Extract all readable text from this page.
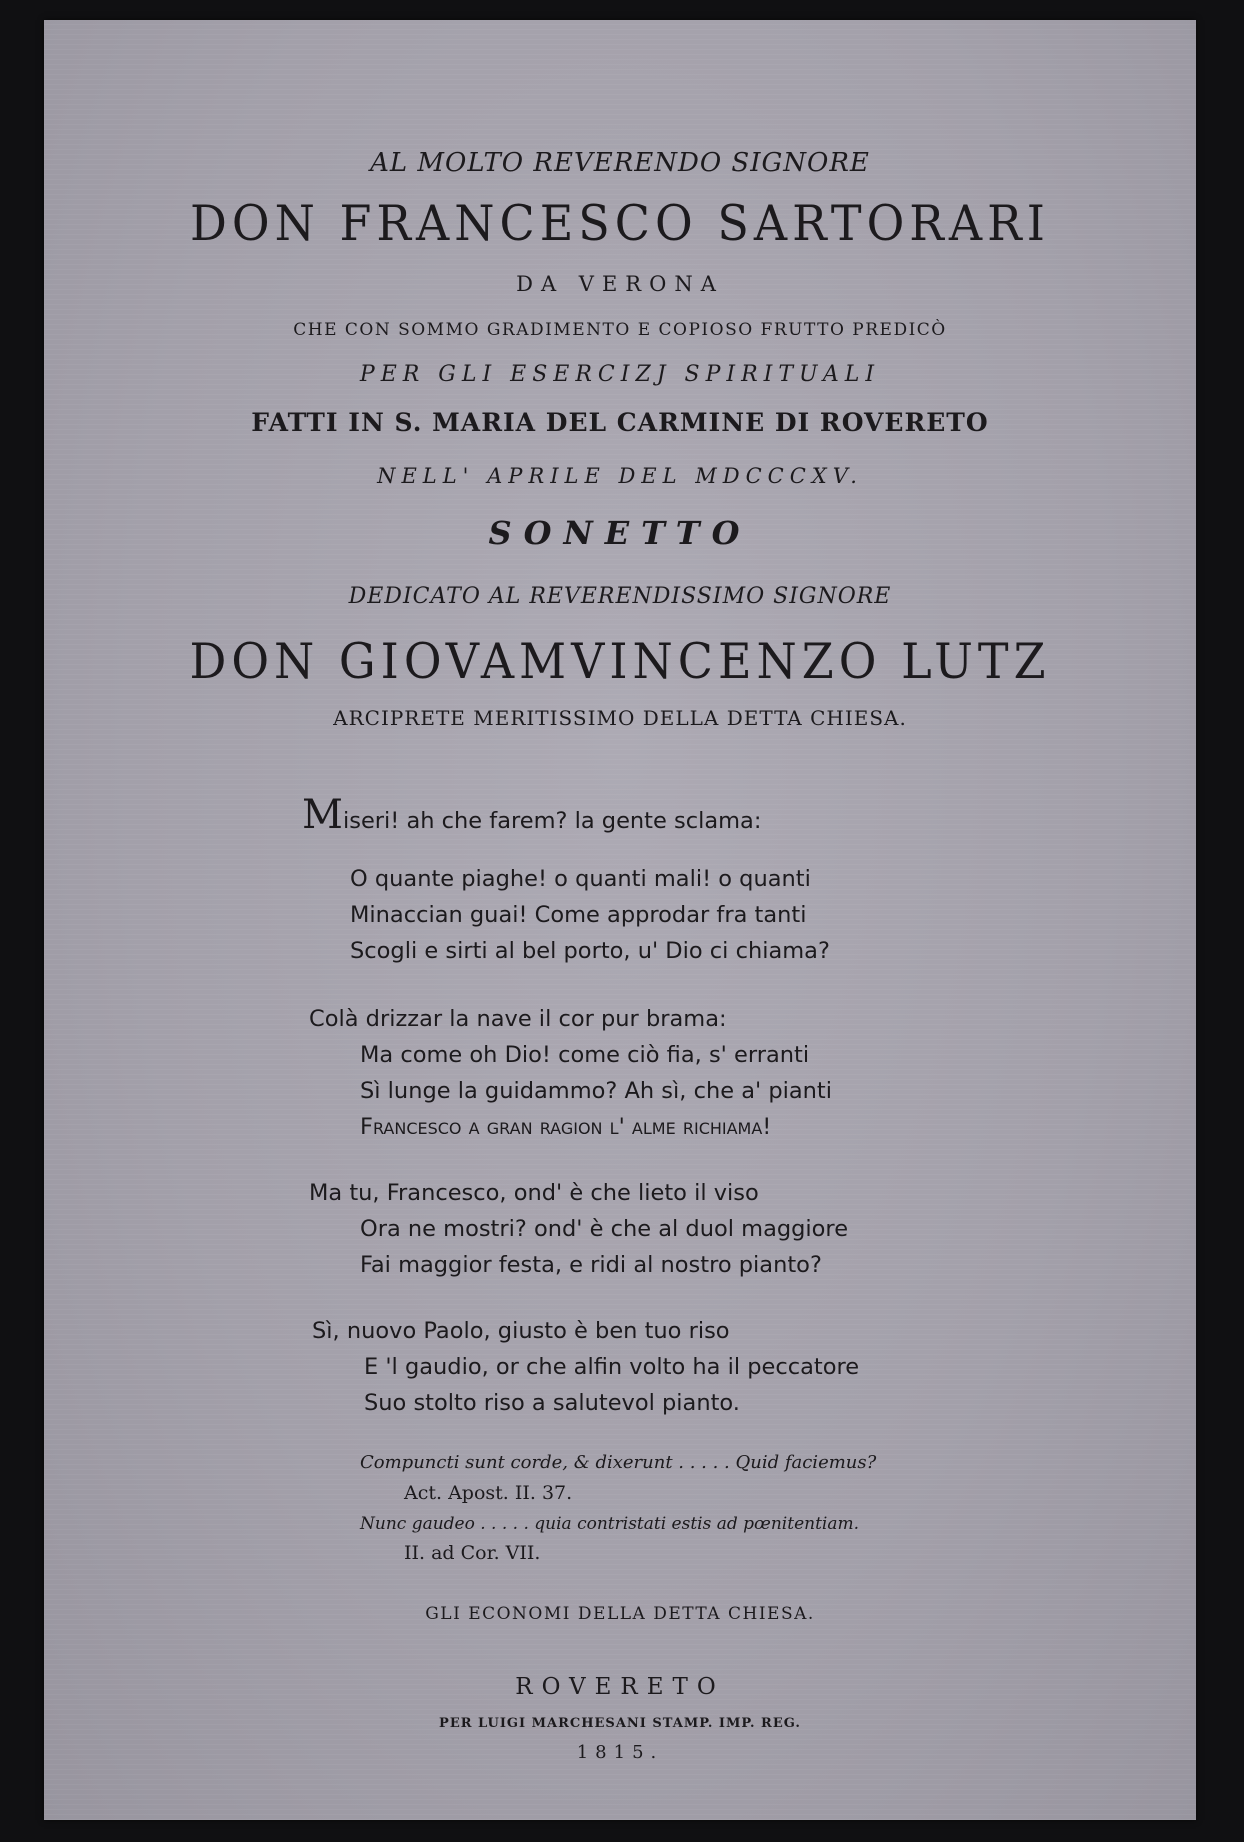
AL MOLTO REVERENDO SIGNORE
DON FRANCESCO SARTORARI
DA VERONA
CHE CON SOMMO GRADIMENTO E COPIOSO FRUTTO PREDICÒ
PER GLI ESERCIZJ SPIRITUALI
FATTI IN S. MARIA DEL CARMINE DI ROVERETO
NELL' APRILE DEL MDCCCXV.
SONETTO
DEDICATO AL REVERENDISSIMO SIGNORE
DON GIOVAMVINCENZO LUTZ
ARCIPRETE MERITISSIMO DELLA DETTA CHIESA.
Miseri! ah che farem? la gente sclama:
O quante piaghe! o quanti mali! o quanti
Minaccian guai! Come approdar fra tanti
Scogli e sirti al bel porto, u' Dio ci chiama?
Colà drizzar la nave il cor pur brama:
Ma come oh Dio! come ciò fia, s' erranti
Sì lunge la guidammo? Ah sì, che a' pianti
Francesco a gran ragion l' alme richiama!
Ma tu, Francesco, ond' è che lieto il viso
Ora ne mostri? ond' è che al duol maggiore
Fai maggior festa, e ridi al nostro pianto?
Sì, nuovo Paolo, giusto è ben tuo riso
E 'l gaudio, or che alfin volto ha il peccatore
Suo stolto riso a salutevol pianto.
Compuncti sunt corde, & dixerunt . . . . . Quid faciemus?
Act. Apost. II. 37.
Nunc gaudeo . . . . . quia contristati estis ad pœnitentiam.
II. ad Cor. VII.
GLI ECONOMI DELLA DETTA CHIESA.
ROVERETO
PER LUIGI MARCHESANI STAMP. IMP. REG.
1815.
